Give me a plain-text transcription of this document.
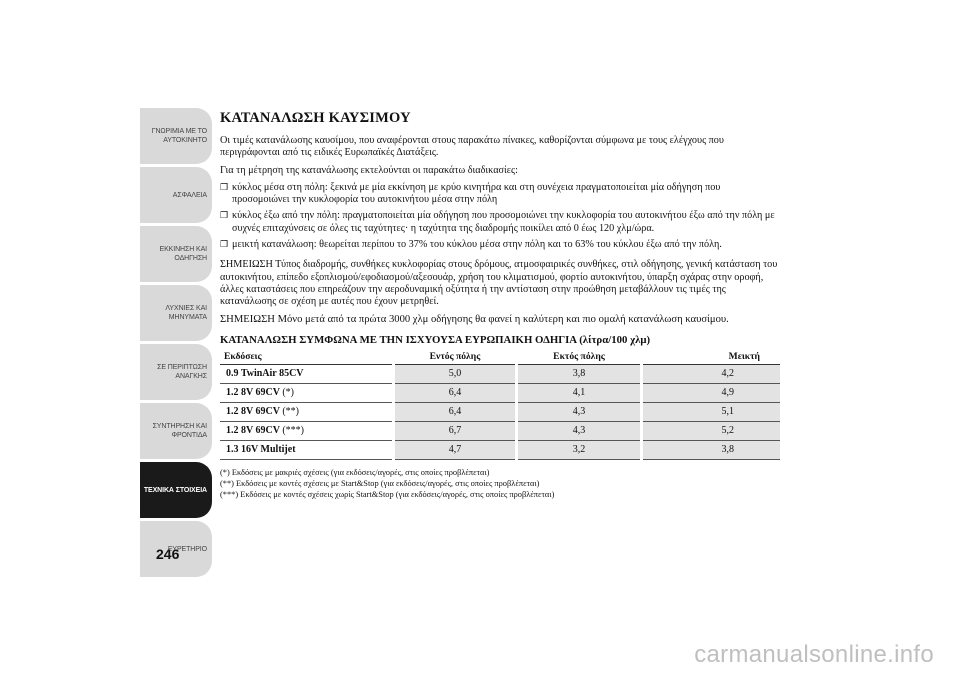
ΓΝΩΡΙΜΙΑ ΜΕ ΤΟ ΑΥΤΟΚΙΝΗΤΟ
ΑΣΦΑΛΕΙΑ
ΕΚΚΙΝΗΣΗ ΚΑΙ ΟΔΗΓΗΣΗ
ΛΥΧΝΙΕΣ ΚΑΙ ΜΗΝΥΜΑΤΑ
ΣΕ ΠΕΡΙΠΤΩΣΗ ΑΝΑΓΚΗΣ
ΣΥΝΤΗΡΗΣΗ ΚΑΙ ΦΡΟΝΤΙΔΑ
ΤΕΧΝΙΚΑ ΣΤΟΙΧΕΙΑ
ΕΥΡΕΤΗΡΙΟ
246
ΚΑΤΑΝΑΛΩΣΗ ΚΑΥΣΙΜΟΥ

Οι τιμές κατανάλωσης καυσίμου, που αναφέρονται στους παρακάτω πίνακες, καθορίζονται σύμφωνα με τους ελέγχους που περιγράφονται από τις ειδικές Ευρωπαϊκές Διατάξεις.

Για τη μέτρηση της κατανάλωσης εκτελούνται οι παρακάτω διαδικασίες:

❒ κύκλος μέσα στη πόλη: ξεκινά με μία εκκίνηση με κρύο κινητήρα και στη συνέχεια πραγματοποιείται μία οδήγηση που προσομοιώνει την κυκλοφορία του αυτοκινήτου μέσα στην πόλη
❒ κύκλος έξω από την πόλη: πραγματοποιείται μία οδήγηση που προσομοιώνει την κυκλοφορία του αυτοκινήτου έξω από την πόλη με συχνές επιταχύνσεις σε όλες τις ταχύτητες· η ταχύτητα της διαδρομής ποικίλει από 0 έως 120 χλμ/ώρα.
❒ μεικτή κατανάλωση: θεωρείται περίπου το 37% του κύκλου μέσα στην πόλη και το 63% του κύκλου έξω από την πόλη.

ΣΗΜΕΙΩΣΗ Τύπος διαδρομής, συνθήκες κυκλοφορίας στους δρόμους, ατμοσφαιρικές συνθήκες, στιλ οδήγησης, γενική κατάσταση του αυτοκινήτου, επίπεδο εξοπλισμού/εφοδιασμού/αξεσουάρ, χρήση του κλιματισμού, φορτίο αυτοκινήτου, ύπαρξη σχάρας στην οροφή, άλλες καταστάσεις που επηρεάζουν την αεροδυναμική οξύτητα ή την αντίσταση στην προώθηση μεταβάλλουν τις τιμές της κατανάλωσης σε σχέση με αυτές που έχουν μετρηθεί.

ΣΗΜΕΙΩΣΗ Μόνο μετά από τα πρώτα 3000 χλμ οδήγησης θα φανεί η καλύτερη και πιο ομαλή κατανάλωση καυσίμου.

ΚΑΤΑΝΑΛΩΣΗ ΣΥΜΦΩΝΑ ΜΕ ΤΗΝ ΙΣΧΥΟΥΣΑ ΕΥΡΩΠΑΙΚΗ ΟΔΗΓΙΑ (λίτρα/100 χλμ)
Εκδόσεις	Εντός πόλης	Εκτός πόλης	Μεικτή
0.9 TwinAir 85CV	5,0	3,8	4,2
1.2 8V 69CV (*)	6,4	4,1	4,9
1.2 8V 69CV (**)	6,4	4,3	5,1
1.2 8V 69CV (***)	6,7	4,3	5,2
1.3 16V Multijet	4,7	3,2	3,8
(*) Εκδόσεις με μακριές σχέσεις (για εκδόσεις/αγορές, στις οποίες προβλέπεται)
(**) Εκδόσεις με κοντές σχέσεις με Start&Stop (για εκδόσεις/αγορές, στις οποίες προβλέπεται)
(***) Εκδόσεις με κοντές σχέσεις χωρίς Start&Stop (για εκδόσεις/αγορές, στις οποίες προβλέπεται)
carmanualsonline.info
